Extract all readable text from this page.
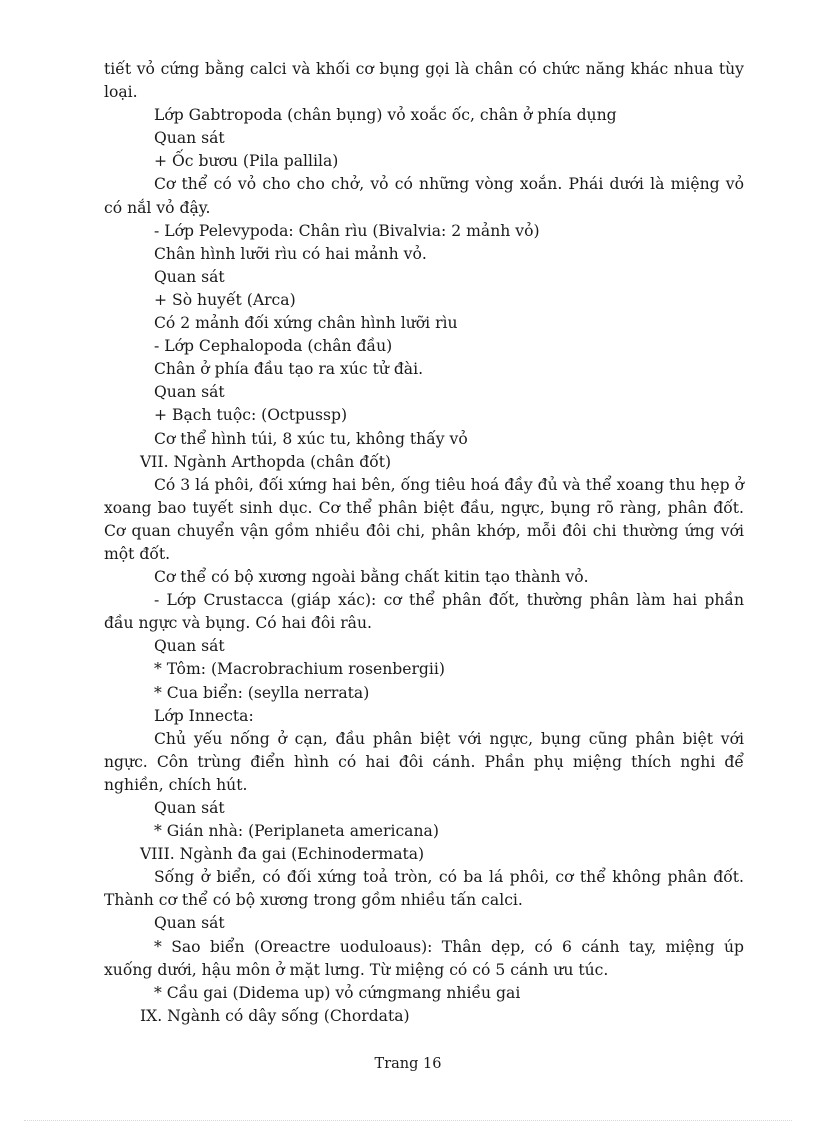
tiết vỏ cứng bằng calci và khối cơ bụng gọi là chân có chức năng khác nhua tùy loại.

Lớp Gabtropoda (chân bụng) vỏ xoắc ốc, chân ở phía dụng

Quan sát

+ Ốc bươu (Pila pallila)

Cơ thể có vỏ cho cho chở, vỏ có những vòng xoắn. Phái dưới là miệng vỏ có nắl vỏ đậy.

- Lớp Pelevypoda: Chân rìu (Bivalvia: 2 mảnh vỏ)

Chân hình lưỡi rìu có hai mảnh vỏ.

Quan sát

+ Sò huyết (Arca)

Có 2 mảnh đối xứng chân hình lưỡi rìu

- Lớp Cephalopoda (chân đầu)

Chân ở phía đầu tạo ra xúc tử đài.

Quan sát

+ Bạch tuộc: (Octpussp)

Cơ thể hình túi, 8 xúc tu, không thấy vỏ

VII. Ngành Arthopda (chân đốt)

Có 3 lá phôi, đối xứng hai bên, ống tiêu hoá đầy đủ và thể xoang thu hẹp ở xoang bao tuyết sinh dục. Cơ thể phân biệt đầu, ngực, bụng rõ ràng, phân đốt. Cơ quan chuyển vận gồm nhiều đôi chi, phân khớp, mỗi đôi chi thường ứng với một đốt.

Cơ thể có bộ xương ngoài bằng chất kitin tạo thành vỏ.

- Lớp Crustacca (giáp xác): cơ thể phân đốt, thường phân làm hai phần đầu ngực và bụng. Có hai đôi râu.

Quan sát

* Tôm: (Macrobrachium rosenbergii)

* Cua biển: (seylla nerrata)

Lớp Innecta:

Chủ yếu nống ở cạn, đầu phân biệt với ngực, bụng cũng phân biệt với ngực. Côn trùng điển hình có hai đôi cánh. Phần phụ miệng thích nghi để nghiền, chích hút.

Quan sát

* Gián nhà: (Periplaneta americana)

VIII. Ngành đa gai (Echinodermata)

Sống ở biển, có đối xứng toả tròn, có ba lá phôi, cơ thể không phân đốt. Thành cơ thể có bộ xương trong gồm nhiều tấn calci.

Quan sát

* Sao biển (Oreactre uoduloaus): Thân dẹp, có 6 cánh tay, miệng úp xuống dưới, hậu môn ở mặt lưng. Từ miệng có có 5 cánh ưu túc.

* Cầu gai (Didema up) vỏ cứngmang nhiều gai

IX. Ngành có dây sống (Chordata)

Trang 16
